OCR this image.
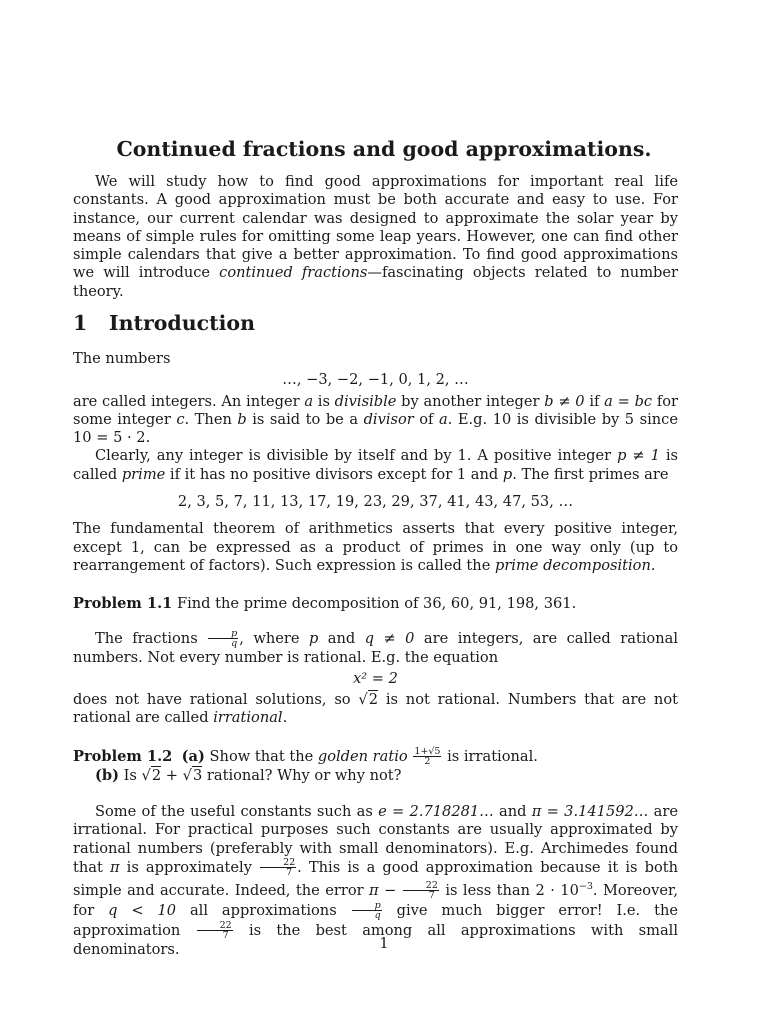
Continued fractions and good approximations.

We will study how to find good approximations for important real life constants. A good approximation must be both accurate and easy to use. For instance, our current calendar was designed to approximate the solar year by means of simple rules for omitting some leap years. However, one can find other simple calendars that give a better approximation. To find good approximations we will introduce continued fractions—fascinating objects related to number theory.

1 Introduction

The numbers

…, −3, −2, −1, 0, 1, 2, …

are called integers. An integer a is divisible by another integer b ≠ 0 if a = bc for some integer c. Then b is said to be a divisor of a. E.g. 10 is divisible by 5 since 10 = 5 · 2.

Clearly, any integer is divisible by itself and by 1. A positive integer p ≠ 1 is called prime if it has no positive divisors except for 1 and p. The first primes are

2, 3, 5, 7, 11, 13, 17, 19, 23, 29, 37, 41, 43, 47, 53, …

The fundamental theorem of arithmetics asserts that every positive integer, except 1, can be expressed as a product of primes in one way only (up to rearrangement of factors). Such expression is called the prime decomposition.

Problem 1.1 Find the prime decomposition of 36, 60, 91, 198, 361.

The fractions $\frac{p}{q}$ , where p and q ≠ 0 are integers, are called rational numbers. Not every number is rational. E.g. the equation

x² = 2

does not have rational solutions, so √2 is not rational. Numbers that are not rational are called irrational.

Problem 1.2 (a) Show that the golden ratio $\frac{1+√5}{2}$ is irrational.

(b) Is √2 + √3 rational? Why or why not?

Some of the useful constants such as e = 2.718281… and π = 3.141592… are irrational. For practical purposes such constants are usually approximated by rational numbers (preferably with small denominators). E.g. Archimedes found that π is approximately $\frac{22}{7}$ . This is a good approximation because it is both simple and accurate. Indeed, the error $\pi - \frac{22}{7}$ is less than $2 \cdot 10^{-3}$. Moreover, for q < 10 all approximations $\frac{p}{q}$ give much bigger error! I.e. the approximation $\frac{22}{7}$ is the best among all approximations with small denominators.	1
